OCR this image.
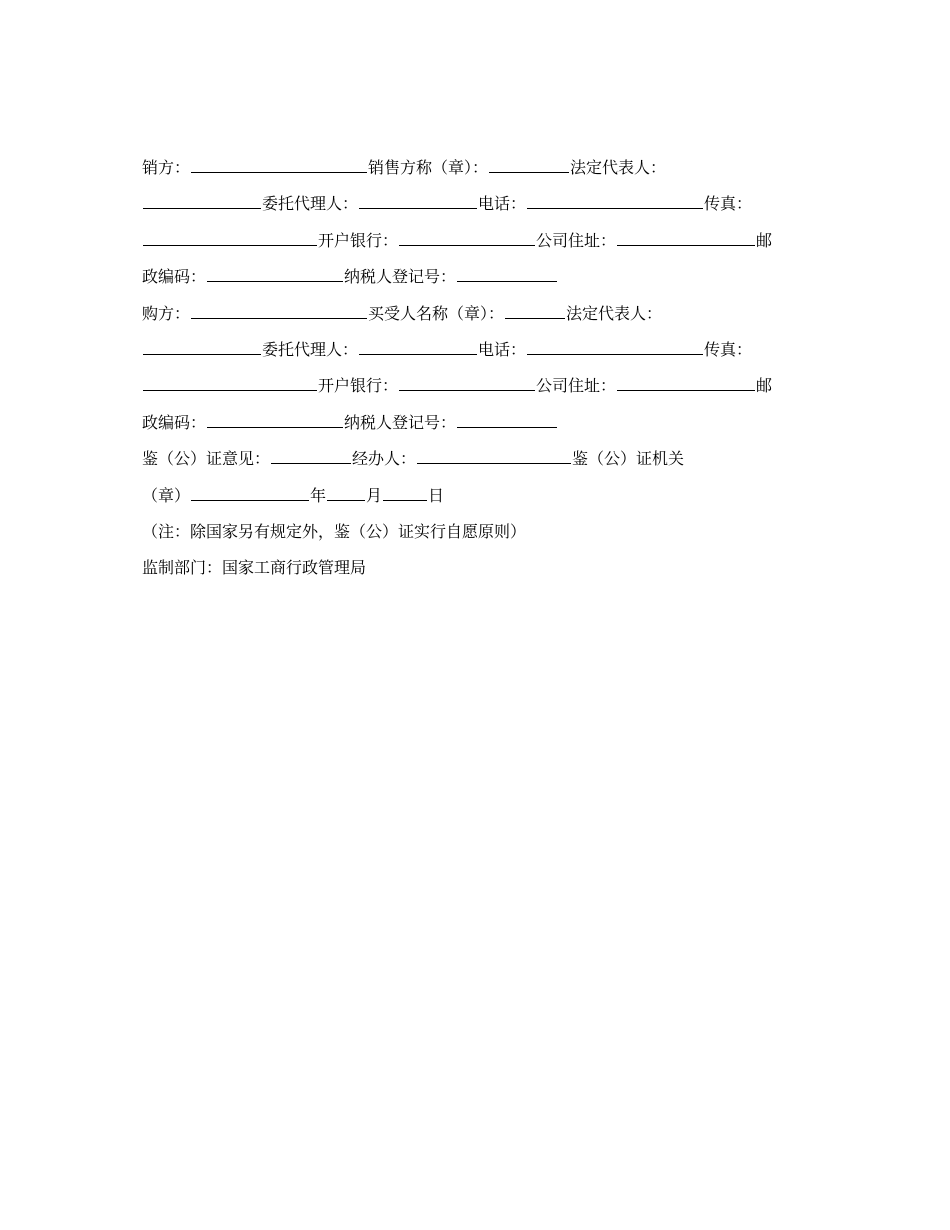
销方：	销售方称（章）：	法定代表人：
委托代理人：	电话：	传真：
开户银行：	公司住址：	邮
政编码：	纳税人登记号：
购方：	买受人名称（章）：	法定代表人：
委托代理人：	电话：	传真：
开户银行：	公司住址：	邮
政编码：	纳税人登记号：
鉴（公）证意见：	经办人：	鉴（公）证机关
（章）	年	月	日
（注：除国家另有规定外，鉴（公）证实行自愿原则）
监制部门：国家工商行政管理局
